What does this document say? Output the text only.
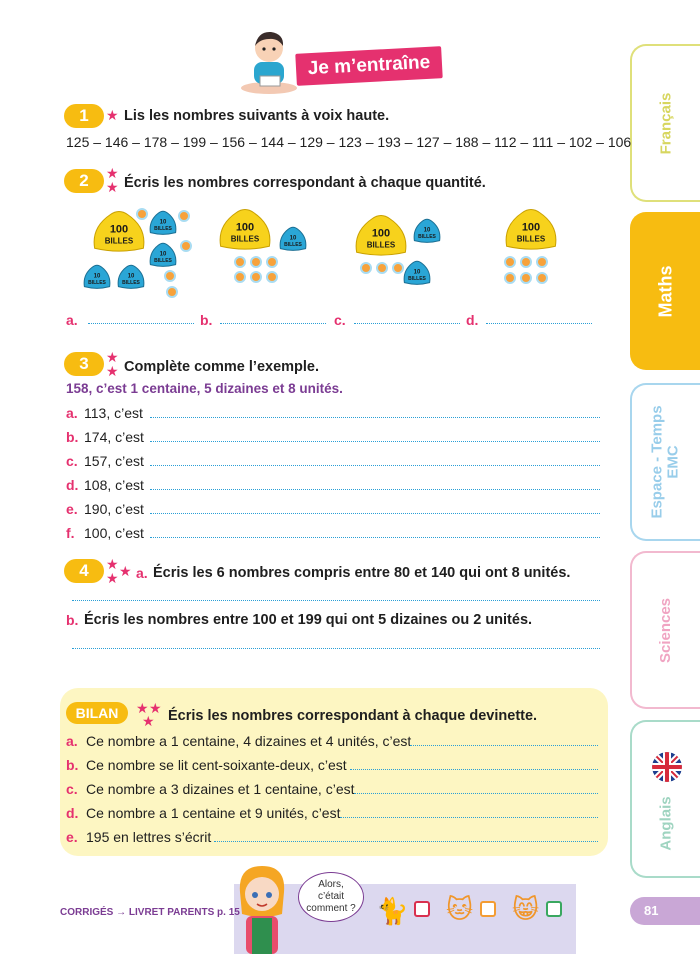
Je m’entraîne
Français
Maths
Espace - Temps EMC
Sciences
Anglais
81
1	★ Lis les nombres suivants à voix haute.
125 – 146 – 178 – 199 – 156 – 144 – 129 – 123 – 193 – 127 – 188 – 112 – 111 – 102 – 106
2	★
★ Écris les nombres correspondant à chaque quantité.
100
BILLES
10
BILLES
10
BILLES
10
BILLES
10
BILLES
100
BILLES	10
BILLES
100
BILLES
10
BILLES
10
BILLES
100
BILLES
a.	b.	c.	d.
3	★
★ Complète comme l’exemple.
158, c’est 1 centaine, 5 dizaines et 8 unités.
a. 113, c’est
b. 174, c’est
c. 157, c’est
d. 108, c’est
e. 190, c’est
f. 100, c’est
4	★
★ ★ a. Écris les 6 nombres compris entre 80 et 140 qui ont 8 unités.
b. Écris les nombres entre 100 et 199 qui ont 5 dizaines ou 2 unités.
BILAN	★ ★
★ Écris les nombres correspondant à chaque devinette.
a. Ce nombre a 1 centaine, 4 dizaines et 4 unités, c’est
b. Ce nombre se lit cent-soixante-deux, c’est
c. Ce nombre a 3 dizaines et 1 centaine, c’est
d. Ce nombre a 1 centaine et 9 unités, c’est
e. 195 en lettres s’écrit
CORRIGÉS → LIVRET PARENTS p. 15
Alors,
c’était
comment ? 🐈 🐱 😸
